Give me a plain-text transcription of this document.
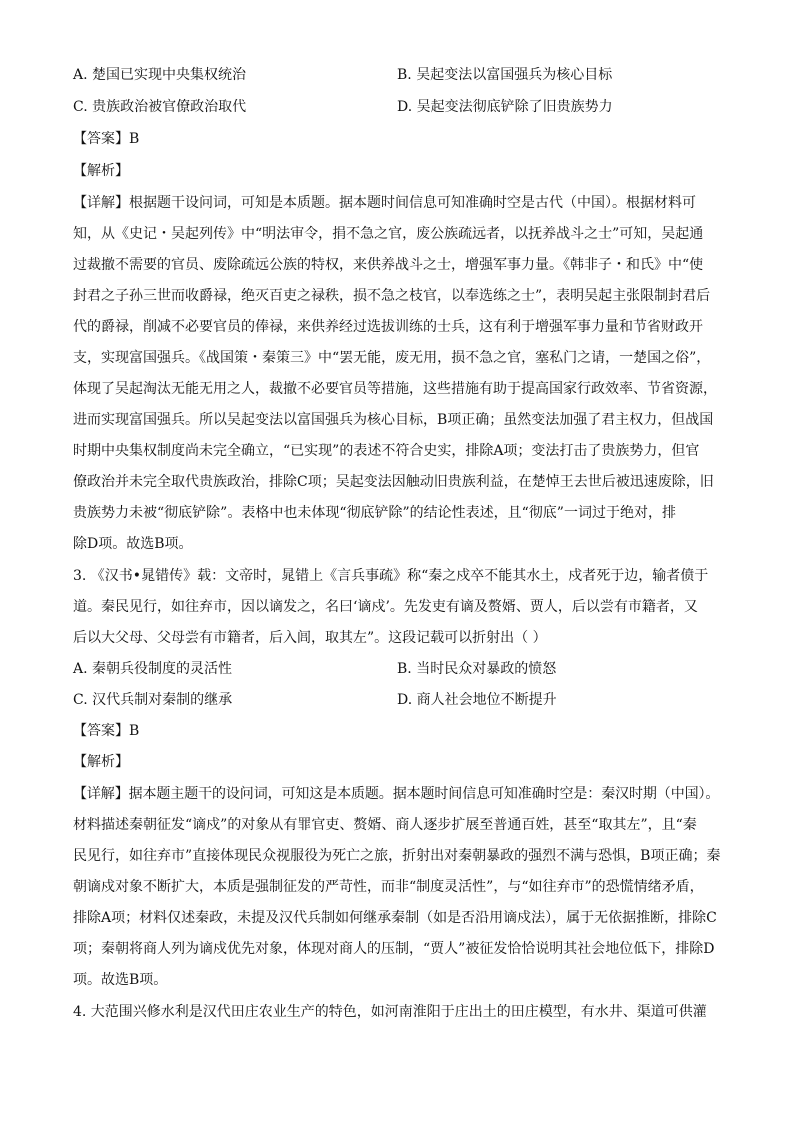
A. 楚国已实现中央集权统治	B. 吴起变法以富国强兵为核心目标
C. 贵族政治被官僚政治取代	D. 吴起变法彻底铲除了旧贵族势力
【答案】B
【解析】
【详解】根据题干设问词，可知是本质题。据本题时间信息可知准确时空是古代（中国）。根据材料可
知，从《史记・吴起列传》中“明法审令，捐不急之官，废公族疏远者，以抚养战斗之士”可知，吴起通
过裁撤不需要的官员、废除疏远公族的特权，来供养战斗之士，增强军事力量。《韩非子・和氏》中“使
封君之子孙三世而收爵禄，绝灭百吏之禄秩，损不急之枝官，以奉选练之士”，表明吴起主张限制封君后
代的爵禄，削减不必要官员的俸禄，来供养经过选拔训练的士兵，这有利于增强军事力量和节省财政开
支，实现富国强兵。《战国策・秦策三》中“罢无能，废无用，损不急之官，塞私门之请，一楚国之俗”，
体现了吴起淘汰无能无用之人，裁撤不必要官员等措施，这些措施有助于提高国家行政效率、节省资源，
进而实现富国强兵。所以吴起变法以富国强兵为核心目标，B项正确；虽然变法加强了君主权力，但战国
时期中央集权制度尚未完全确立，“已实现”的表述不符合史实，排除A项；变法打击了贵族势力，但官
僚政治并未完全取代贵族政治，排除C项；吴起变法因触动旧贵族利益，在楚悼王去世后被迅速废除，旧
贵族势力未被“彻底铲除”。表格中也未体现“彻底铲除”的结论性表述，且“彻底”一词过于绝对，排
除D项。故选B项。
3. 《汉书•晁错传》载：文帝时，晁错上《言兵事疏》称“秦之戍卒不能其水土，戍者死于边，输者偾于
道。秦民见行，如往弃市，因以谪发之，名曰‘谪戍’。先发吏有谪及赘婿、贾人，后以尝有市籍者，又
后以大父母、父母尝有市籍者，后入闾，取其左”。这段记载可以折射出（ ）
A. 秦朝兵役制度的灵活性	B. 当时民众对暴政的愤怒
C. 汉代兵制对秦制的继承	D. 商人社会地位不断提升
【答案】B
【解析】
【详解】据本题主题干的设问词，可知这是本质题。据本题时间信息可知准确时空是：秦汉时期（中国）。
材料描述秦朝征发“谪戍”的对象从有罪官吏、赘婿、商人逐步扩展至普通百姓，甚至“取其左”，且“秦
民见行，如往弃市”直接体现民众视服役为死亡之旅，折射出对秦朝暴政的强烈不满与恐惧，B项正确；秦
朝谪戍对象不断扩大，本质是强制征发的严苛性，而非“制度灵活性”，与“如往弃市”的恐慌情绪矛盾，
排除A项；材料仅述秦政，未提及汉代兵制如何继承秦制（如是否沿用谪戍法），属于无依据推断，排除C
项；秦朝将商人列为谪戍优先对象，体现对商人的压制，“贾人”被征发恰恰说明其社会地位低下，排除D
项。故选B项。
4. 大范围兴修水利是汉代田庄农业生产的特色，如河南淮阳于庄出土的田庄模型，有水井、渠道可供灌
